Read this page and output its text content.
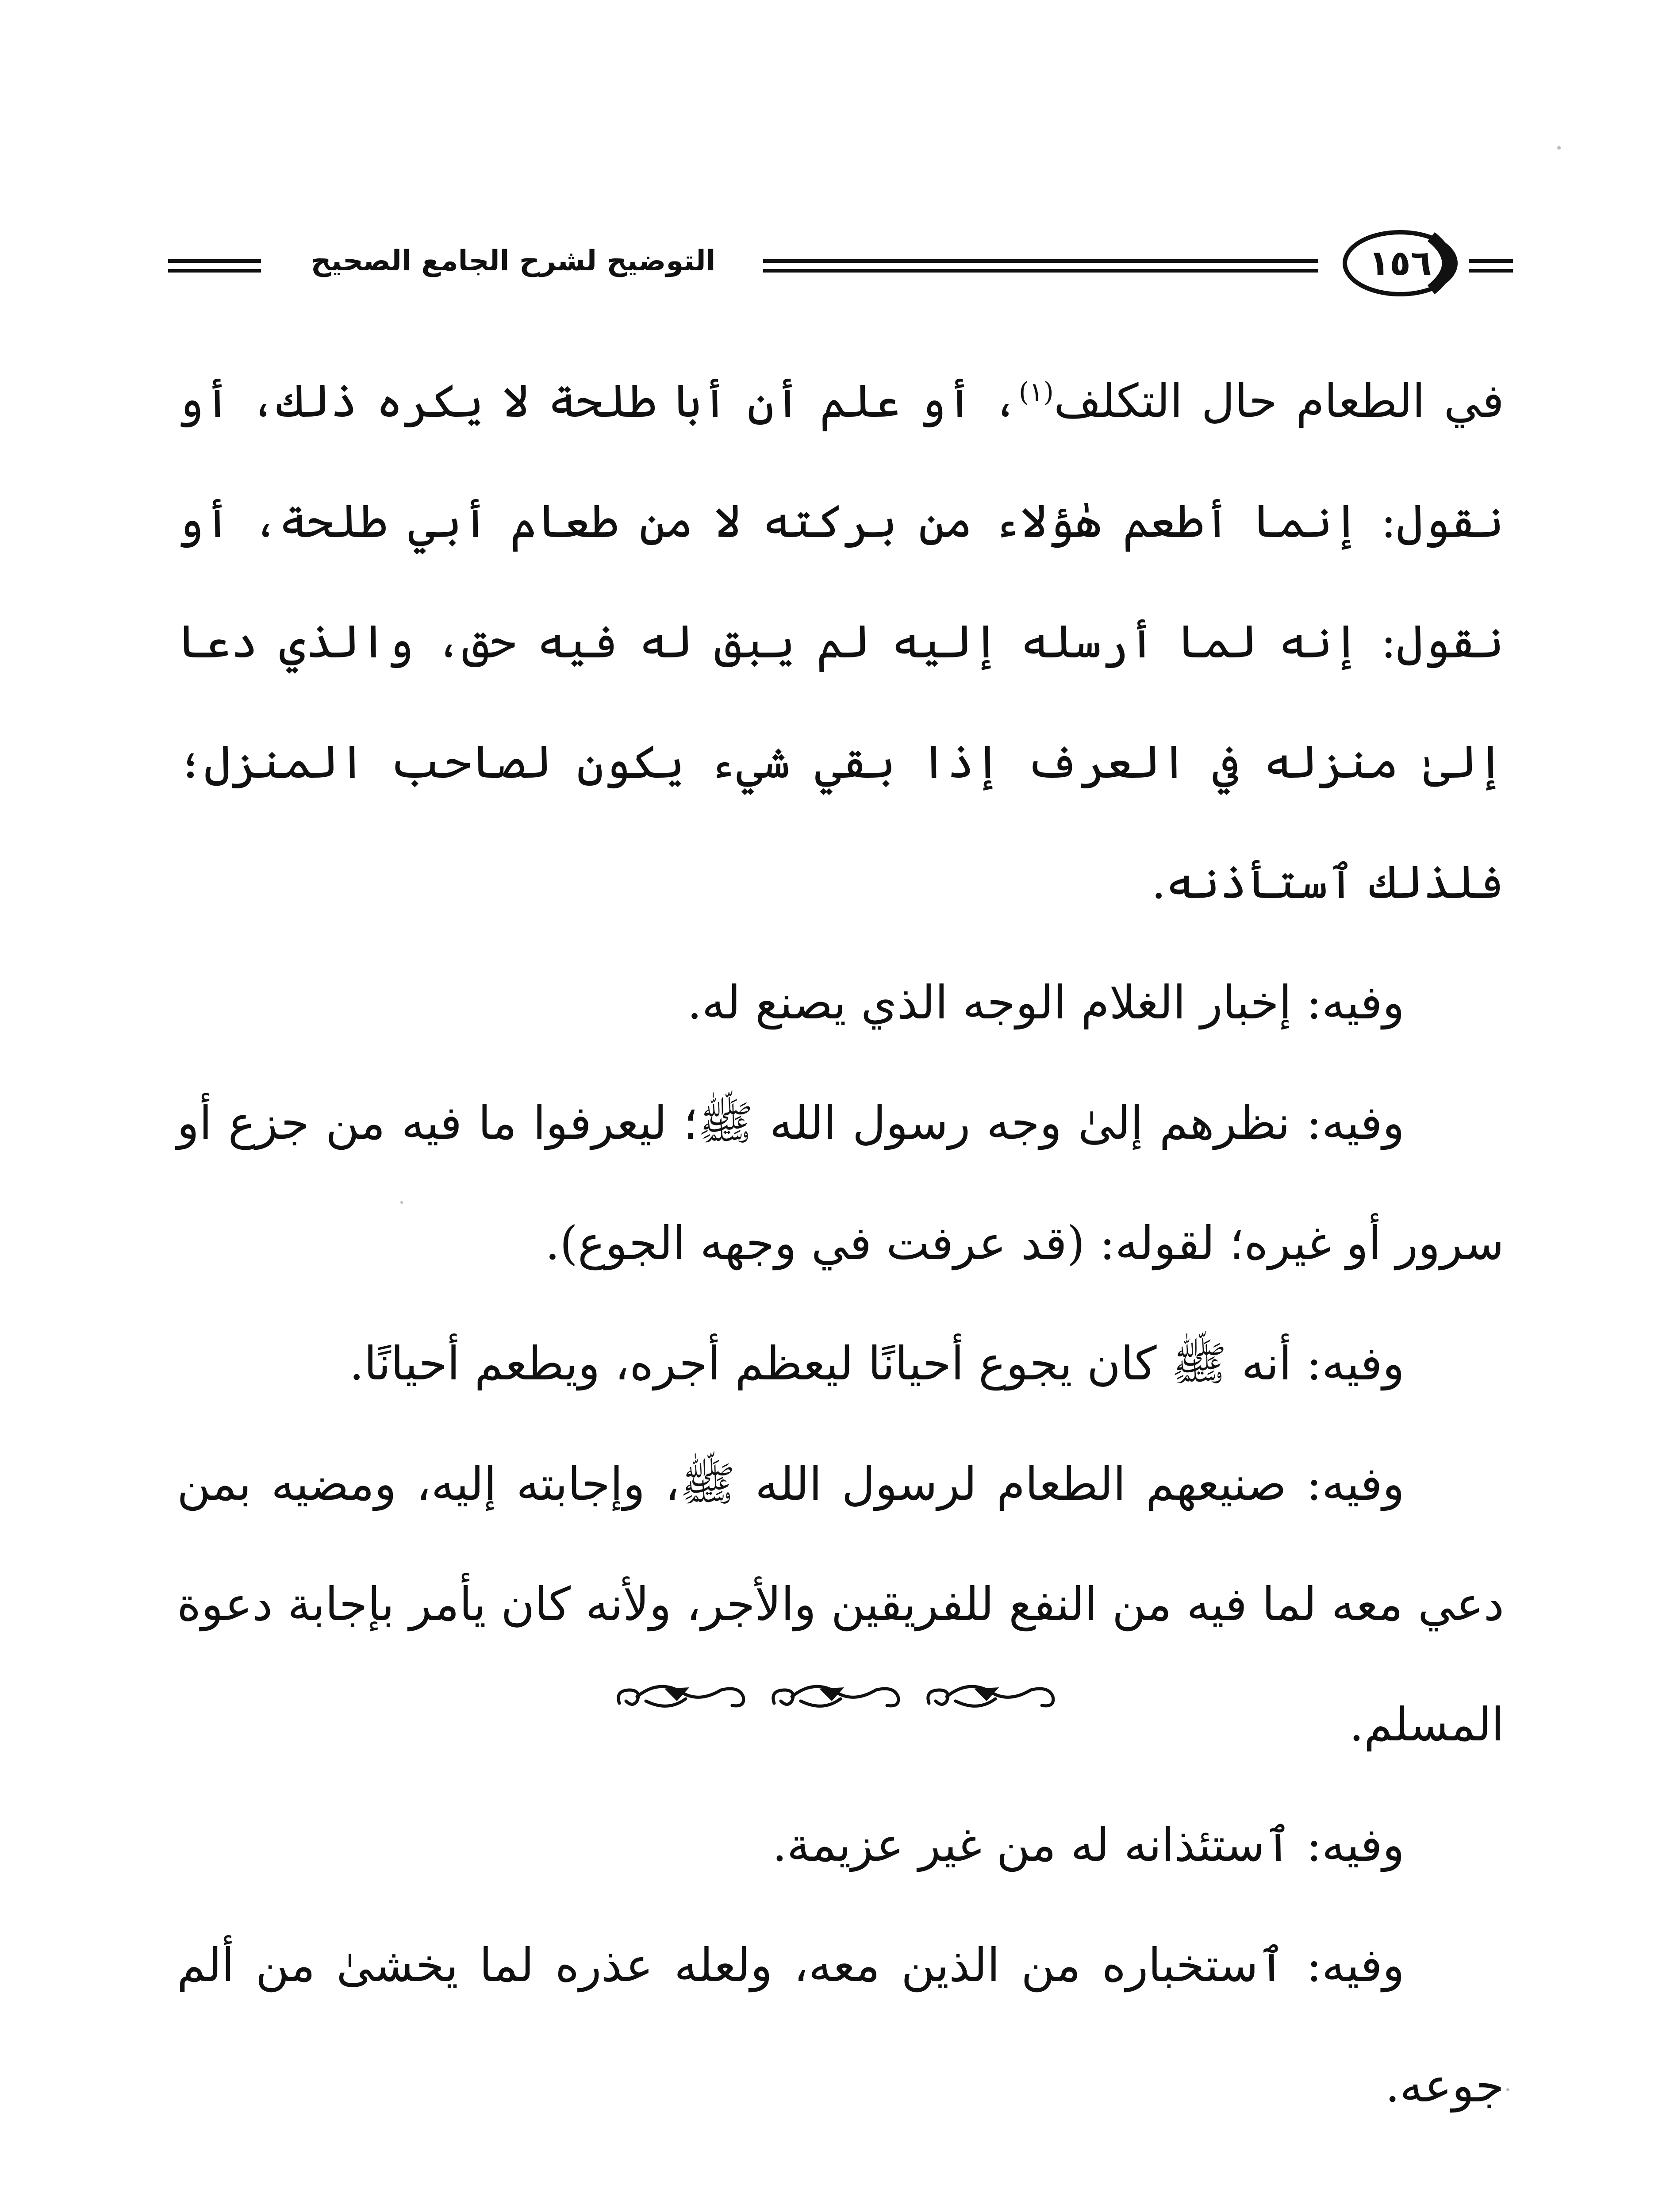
التوضيح لشرح الجامع الصحيح	١٥٦

في الطعام حال التكلف$^{(١)}$، أو علم أن أبا طلحة لا يكره ذلك، أو نقول: إنما أطعم هٰؤلاء من بركته لا من طعام أبي طلحة، أو نقول: إنه لما أرسله إليه لم يبق له فيه حق، والذي دعا إلىٰ منزله في العرف إذا بقي شيء يكون لصاحب المنزل؛ فلذلك ٱستأذنه.

وفيه: إخبار الغلام الوجه الذي يصنع له.

وفيه: نظرهم إلىٰ وجه رسول الله ﷺ؛ ليعرفوا ما فيه من جزع أو سرور أو غيره؛ لقوله: (قد عرفت في وجهه الجوع).

وفيه: أنه ﷺ كان يجوع أحيانًا ليعظم أجره، ويطعم أحيانًا.

وفيه: صنيعهم الطعام لرسول الله ﷺ، وإجابته إليه، ومضيه بمن دعي معه لما فيه من النفع للفريقين والأجر، ولأنه كان يأمر بإجابة دعوة المسلم.

وفيه: ٱستئذانه له من غير عزيمة.

وفيه: ٱستخباره من الذين معه، ولعله عذره لما يخشىٰ من ألم جوعه.
